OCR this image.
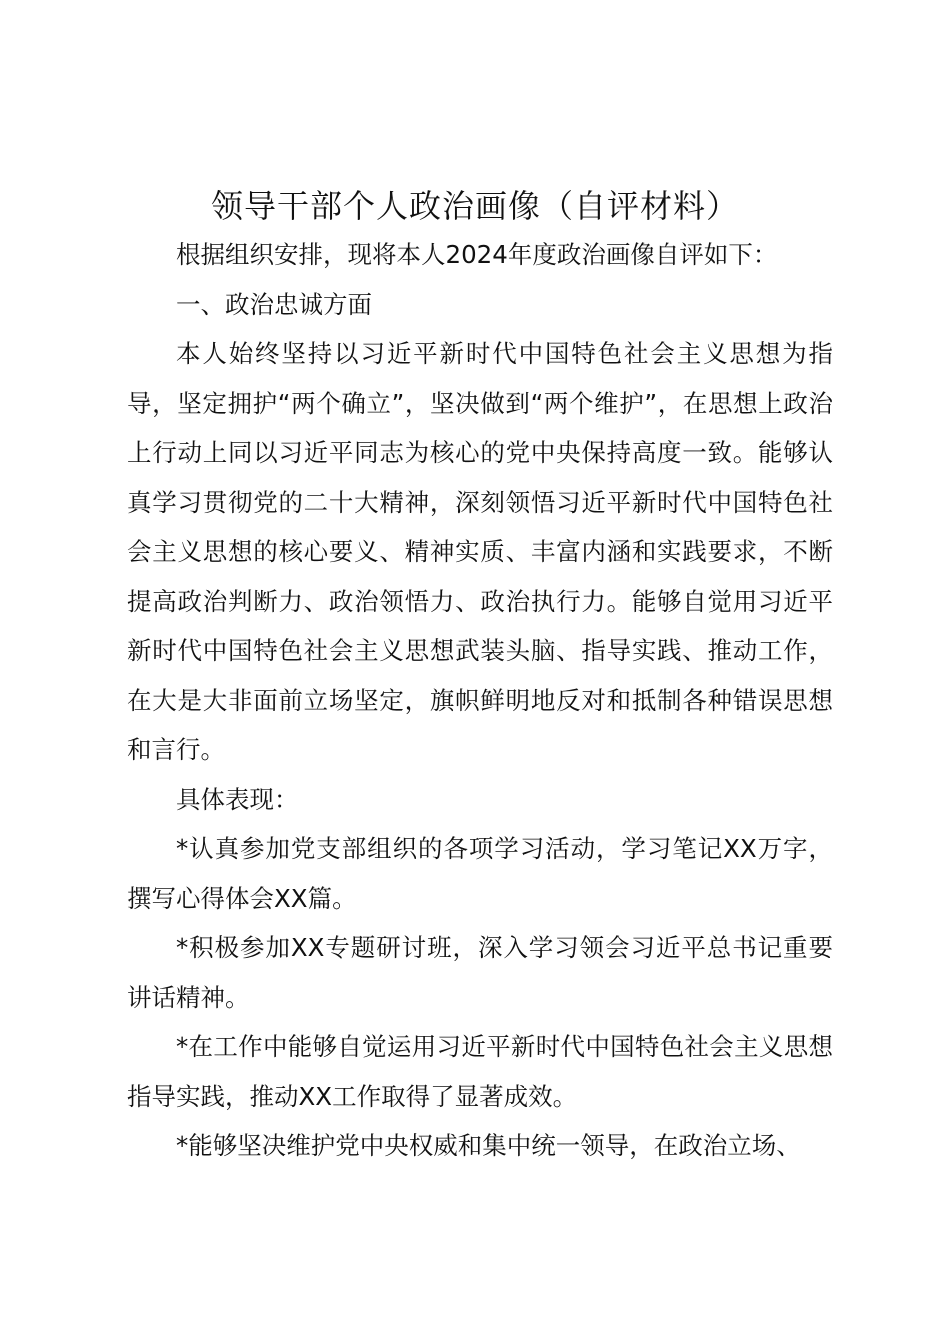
领导干部个人政治画像（自评材料）

根据组织安排，现将本人2024年度政治画像自评如下：

一、政治忠诚方面

本人始终坚持以习近平新时代中国特色社会主义思想为指导，坚定拥护“两个确立”，坚决做到“两个维护”，在思想上政治上行动上同以习近平同志为核心的党中央保持高度一致。能够认真学习贯彻党的二十大精神，深刻领悟习近平新时代中国特色社会主义思想的核心要义、精神实质、丰富内涵和实践要求，不断提高政治判断力、政治领悟力、政治执行力。能够自觉用习近平新时代中国特色社会主义思想武装头脑、指导实践、推动工作，在大是大非面前立场坚定，旗帜鲜明地反对和抵制各种错误思想和言行。

具体表现：

*认真参加党支部组织的各项学习活动，学习笔记XX万字，撰写心得体会XX篇。

*积极参加XX专题研讨班，深入学习领会习近平总书记重要讲话精神。

*在工作中能够自觉运用习近平新时代中国特色社会主义思想指导实践，推动XX工作取得了显著成效。

*能够坚决维护党中央权威和集中统一领导，在政治立场、
